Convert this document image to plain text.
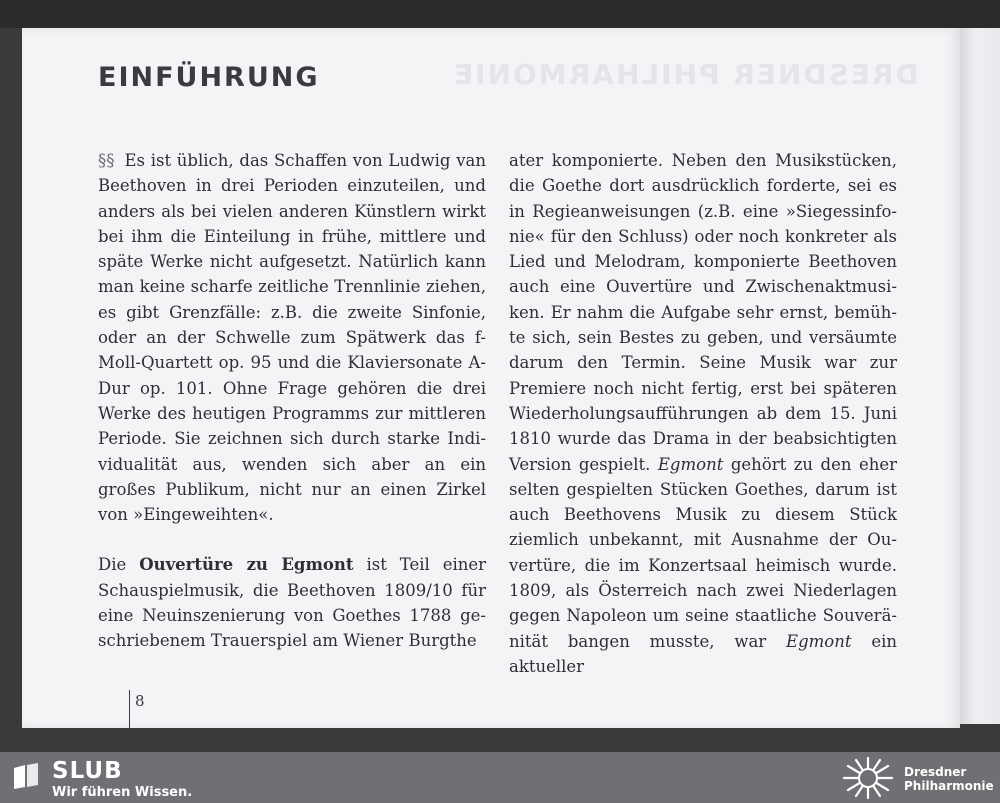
DRESDNER PHILHARMONIE
EINFÜHRUNG

§§ Es ist üblich, das Schaffen von Ludwig van Beethoven in drei Perioden einzuteilen, und anders als bei vielen anderen Künstlern wirkt bei ihm die Einteilung in frühe, mittlere und späte Werke nicht aufgesetzt. Natürlich kann man keine scharfe zeitliche Trennlinie ziehen, es gibt Grenzfälle: z.B. die zweite Sinfonie, oder an der Schwelle zum Spätwerk das f-Moll-Quartett op. 95 und die Klaviersonate A-Dur op. 101. Ohne Frage gehören die drei Werke des heutigen Programms zur mittleren Periode. Sie zeichnen sich durch starke Individualität aus, wenden sich aber an ein großes Publikum, nicht nur an einen Zirkel von »Eingeweihten«.

Die Ouvertüre zu Egmont ist Teil einer Schauspielmusik, die Beethoven 1809/10 für eine Neuinszenierung von Goethes 1788 geschriebenem Trauerspiel am Wiener Burgthe

ater komponierte. Neben den Musikstücken, die Goethe dort ausdrücklich forderte, sei es in Regieanweisungen (z.B. eine »Siegessinfonie« für den Schluss) oder noch konkreter als Lied und Melodram, komponierte Beethoven auch eine Ouvertüre und Zwischenaktmusiken. Er nahm die Aufgabe sehr ernst, bemühte sich, sein Bestes zu geben, und versäumte darum den Termin. Seine Musik war zur Premiere noch nicht fertig, erst bei späteren Wiederholungsaufführungen ab dem 15. Juni 1810 wurde das Drama in der beabsichtigten Version gespielt. Egmont gehört zu den eher selten gespielten Stücken Goethes, darum ist auch Beethovens Musik zu diesem Stück ziemlich unbekannt, mit Ausnahme der Ouvertüre, die im Konzertsaal heimisch wurde. 1809, als Österreich nach zwei Niederlagen gegen Napoleon um seine staatliche Souveränität bangen musste, war Egmont ein aktueller

8
SLUB
Wir führen Wissen.
Dresdner
Philharmonie
